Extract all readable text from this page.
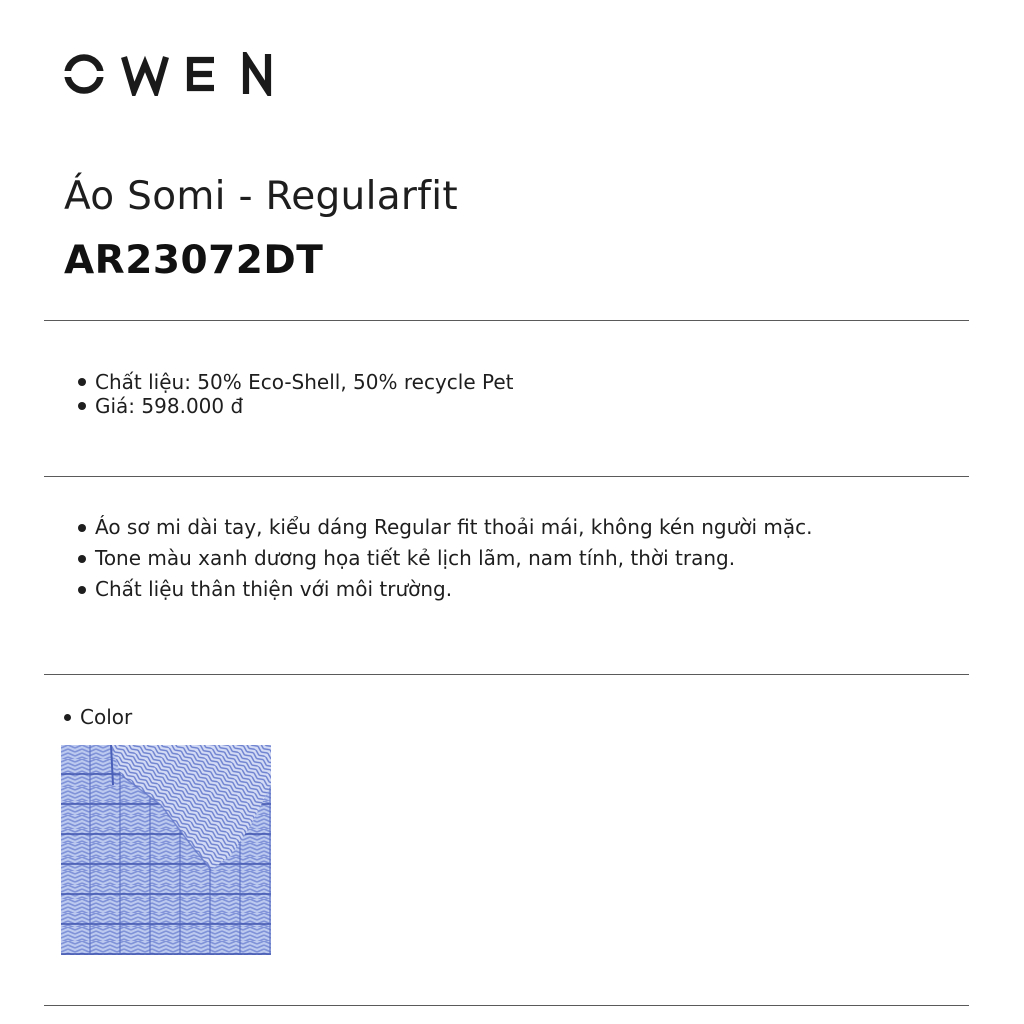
Áo Somi - Regularfit
AR23072DT
Chất liệu: 50% Eco-Shell, 50% recycle Pet
Giá: 598.000 đ
Áo sơ mi dài tay, kiểu dáng Regular fit thoải mái, không kén người mặc.
Tone màu xanh dương họa tiết kẻ lịch lãm, nam tính, thời trang.
Chất liệu thân thiện với môi trường.
Color
